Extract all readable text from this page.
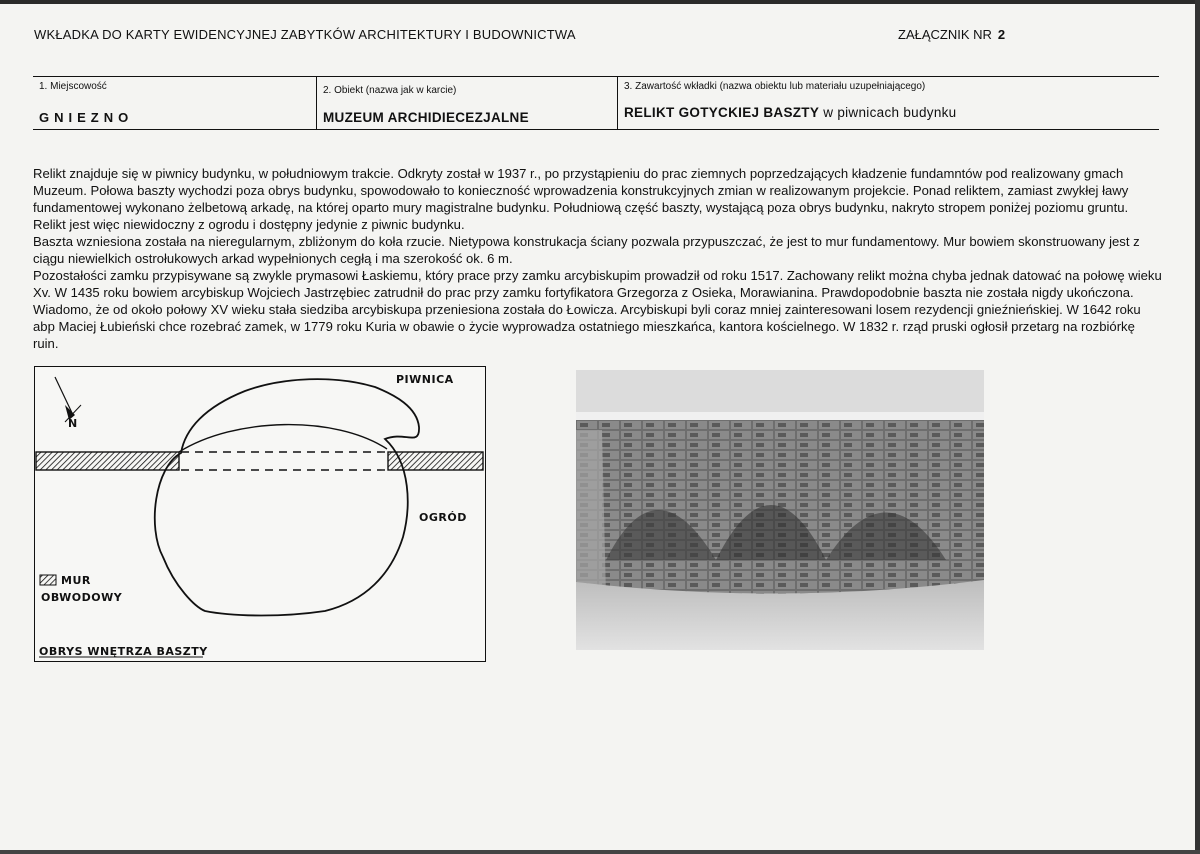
WKŁADKA DO KARTY EWIDENCYJNEJ ZABYTKÓW ARCHITEKTURY I BUDOWNICTWA	ZAŁĄCZNIK NR 2
1. Miejscowość
GNIEZNO
2. Obiekt (nazwa jak w karcie)
MUZEUM ARCHIDIECEZJALNE
3. Zawartość wkładki (nazwa obiektu lub materiału uzupełniającego)
RELIKT GOTYCKIEJ BASZTY w piwnicach budynku

Relikt znajduje się w piwnicy budynku, w południowym trakcie. Odkryty został w 1937 r., po przystąpieniu do prac ziemnych poprzedzających kładzenie fundamntów pod realizowany gmach Muzeum. Połowa baszty wychodzi poza obrys budynku, spowodowało to konieczność wprowadzenia konstrukcyjnych zmian w realizowanym projekcie. Ponad reliktem, zamiast zwykłej ławy fundamentowej wykonano żelbetową arkadę, na której oparto mury magistralne budynku. Południową część baszty, wystającą poza obrys budynku, nakryto stropem poniżej poziomu gruntu. Relikt jest więc niewidoczny z ogrodu i dostępny jedynie z piwnic budynku.

Baszta wzniesiona została na nieregularnym, zbliżonym do koła rzucie. Nietypowa konstrukacja ściany pozwala przypuszczać, że jest to mur fundamentowy. Mur bowiem skonstruowany jest z ciągu niewielkich ostrołukowych arkad wypełnionych cegłą i ma szerokość ok. 6 m.

Pozostałości zamku przypisywane są zwykle prymasowi Łaskiemu, który prace przy zamku arcybiskupim prowadził od roku 1517. Zachowany relikt można chyba jednak datować na połowę wieku Xv. W 1435 roku bowiem arcybiskup Wojciech Jastrzębiec zatrudnił do prac przy zamku fortyfikatora Grzegorza z Osieka, Morawianina. Prawdopodobnie baszta nie została nigdy ukończona. Wiadomo, że od około połowy XV wieku stała siedziba arcybiskupa przeniesiona została do Łowicza. Arcybiskupi byli coraz mniej zainteresowani losem rezydencji gnieźnieńskiej. W 1642 roku abp Maciej Łubieński chce rozebrać zamek, w 1779 roku Kuria w obawie o życie wyprowadza ostatniego mieszkańca, kantora kościelnego. W 1832 r. rząd pruski ogłosił przetarg na rozbiórkę ruin.

N
PIWNICA
OGRÓD
MUR
OBWODOWY
OBRYS WNĘTRZA BASZTY
